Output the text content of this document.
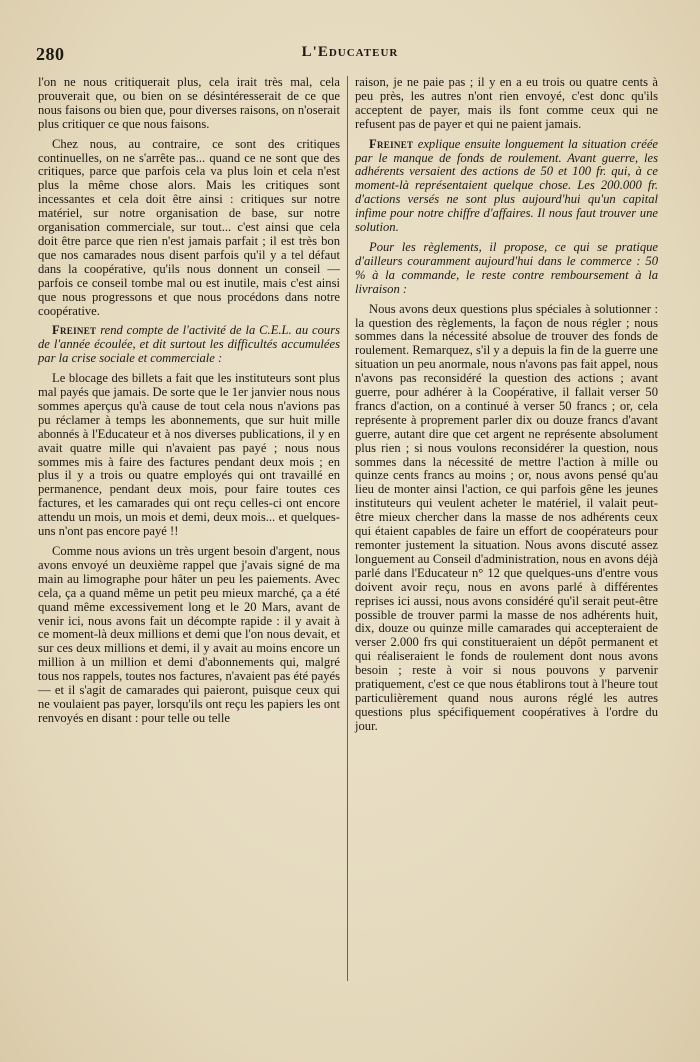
280	L'Educateur

l'on ne nous critiquerait plus, cela irait très mal, cela prouverait que, ou bien on se désintéresserait de ce que nous faisons ou bien que, pour diverses raisons, on n'oserait plus critiquer ce que nous faisons.

Chez nous, au contraire, ce sont des critiques continuelles, on ne s'arrête pas... quand ce ne sont que des critiques, parce que parfois cela va plus loin et cela n'est plus la même chose alors. Mais les critiques sont incessantes et cela doit être ainsi : critiques sur notre matériel, sur notre organisation de base, sur notre organisation commerciale, sur tout... c'est ainsi que cela doit être parce que rien n'est jamais parfait ; il est très bon que nos camarades nous disent parfois qu'il y a tel défaut dans la coopérative, qu'ils nous donnent un conseil — parfois ce conseil tombe mal ou est inutile, mais c'est ainsi que nous progressons et que nous procédons dans notre coopérative.

Freinet rend compte de l'activité de la C.E.L. au cours de l'année écoulée, et dit surtout les difficultés accumulées par la crise sociale et commerciale :

Le blocage des billets a fait que les instituteurs sont plus mal payés que jamais. De sorte que le 1er janvier nous nous sommes aperçus qu'à cause de tout cela nous n'avions pas pu réclamer à temps les abonnements, que sur huit mille abonnés à l'Educateur et à nos diverses publications, il y en avait quatre mille qui n'avaient pas payé ; nous nous sommes mis à faire des factures pendant deux mois ; en plus il y a trois ou quatre employés qui ont travaillé en permanence, pendant deux mois, pour faire toutes ces factures, et les camarades qui ont reçu celles-ci ont encore attendu un mois, un mois et demi, deux mois... et quelques-uns n'ont pas encore payé !!

Comme nous avions un très urgent besoin d'argent, nous avons envoyé un deuxième rappel que j'avais signé de ma main au limographe pour hâter un peu les paiements. Avec cela, ça a quand même un petit peu mieux marché, ça a été quand même excessivement long et le 20 Mars, avant de venir ici, nous avons fait un décompte rapide : il y avait à ce moment-là deux millions et demi que l'on nous devait, et sur ces deux millions et demi, il y avait au moins encore un million à un million et demi d'abonnements qui, malgré tous nos rappels, toutes nos factures, n'avaient pas été payés — et il s'agit de camarades qui paieront, puisque ceux qui ne voulaient pas payer, lorsqu'ils ont reçu les papiers les ont renvoyés en disant : pour telle ou telle

raison, je ne paie pas ; il y en a eu trois ou quatre cents à peu près, les autres n'ont rien envoyé, c'est donc qu'ils acceptent de payer, mais ils font comme ceux qui ne refusent pas de payer et qui ne paient jamais.

Freinet explique ensuite longuement la situation créée par le manque de fonds de roulement. Avant guerre, les adhérents versaient des actions de 50 et 100 fr. qui, à ce moment-là représentaient quelque chose. Les 200.000 fr. d'actions versés ne sont plus aujourd'hui qu'un capital infime pour notre chiffre d'affaires. Il nous faut trouver une solution.

Pour les règlements, il propose, ce qui se pratique d'ailleurs couramment aujourd'hui dans le commerce : 50 % à la commande, le reste contre remboursement à la livraison :

Nous avons deux questions plus spéciales à solutionner : la question des règlements, la façon de nous régler ; nous sommes dans la nécessité absolue de trouver des fonds de roulement. Remarquez, s'il y a depuis la fin de la guerre une situation un peu anormale, nous n'avons pas fait appel, nous n'avons pas reconsidéré la question des actions ; avant guerre, pour adhérer à la Coopérative, il fallait verser 50 francs d'action, on a continué à verser 50 francs ; or, cela représente à proprement parler dix ou douze francs d'avant guerre, autant dire que cet argent ne représente absolument plus rien ; si nous voulons reconsidérer la question, nous sommes dans la nécessité de mettre l'action à mille ou quinze cents francs au moins ; or, nous avons pensé qu'au lieu de monter ainsi l'action, ce qui parfois gêne les jeunes instituteurs qui veulent acheter le matériel, il valait peut-être mieux chercher dans la masse de nos adhérents ceux qui étaient capables de faire un effort de coopérateurs pour remonter justement la situation. Nous avons discuté assez longuement au Conseil d'administration, nous en avons déjà parlé dans l'Educateur n° 12 que quelques-uns d'entre vous doivent avoir reçu, nous en avons parlé à différentes reprises ici aussi, nous avons considéré qu'il serait peut-être possible de trouver parmi la masse de nos adhérents huit, dix, douze ou quinze mille camarades qui accepteraient de verser 2.000 frs qui constitueraient un dépôt permanent et qui réaliseraient le fonds de roulement dont nous avons besoin ; reste à voir si nous pouvons y parvenir pratiquement, c'est ce que nous établirons tout à l'heure tout particulièrement quand nous aurons réglé les autres questions plus spécifiquement coopératives à l'ordre du jour.
